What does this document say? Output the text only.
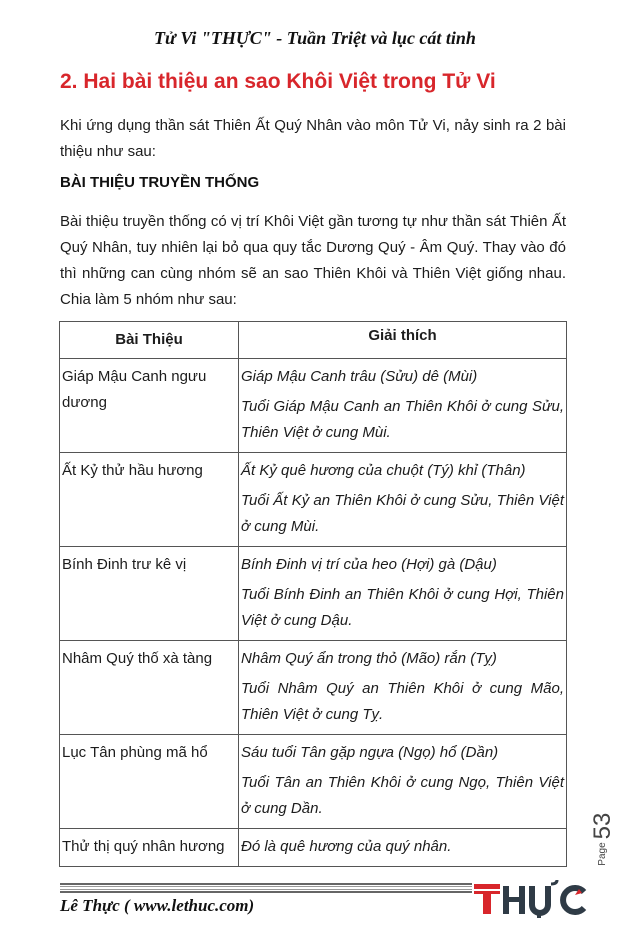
Tử Vi "THỰC" - Tuần Triệt và lục cát tinh
2. Hai bài thiệu an sao Khôi Việt trong Tử Vi

Khi ứng dụng thần sát Thiên Ất Quý Nhân vào môn Tử Vi, nảy sinh ra 2 bài thiệu như sau:

BÀI THIỆU TRUYỀN THỐNG

Bài thiệu truyền thống có vị trí Khôi Việt gần tương tự như thần sát Thiên Ất Quý Nhân, tuy nhiên lại bỏ qua quy tắc Dương Quý - Âm Quý. Thay vào đó thì những can cùng nhóm sẽ an sao Thiên Khôi và Thiên Việt giống nhau. Chia làm 5 nhóm như sau:

Bài Thiệu	Giải thích
Giáp Mậu Canh ngưu dương	Giáp Mậu Canh trâu (Sửu) dê (Mùi)
Tuổi Giáp Mậu Canh an Thiên Khôi ở cung Sửu, Thiên Việt ở cung Mùi.

Ất Kỷ thử hầu hương	Ất Kỷ quê hương của chuột (Tý) khỉ (Thân)
Tuổi Ất Kỷ an Thiên Khôi ở cung Sửu, Thiên Việt ở cung Mùi.

Bính Đinh trư kê vị	Bính Đinh vị trí của heo (Hợi) gà (Dậu)
Tuổi Bính Đinh an Thiên Khôi ở cung Hợi, Thiên Việt ở cung Dậu.

Nhâm Quý thố xà tàng	Nhâm Quý ẩn trong thỏ (Mão) rắn (Tỵ)
Tuổi Nhâm Quý an Thiên Khôi ở cung Mão, Thiên Việt ở cung Tỵ.

Lục Tân phùng mã hổ	Sáu tuổi Tân gặp ngựa (Ngọ) hổ (Dần)
Tuổi Tân an Thiên Khôi ở cung Ngọ, Thiên Việt ở cung Dần.

Thử thị quý nhân hương	Đó là quê hương của quý nhân.
53
Page
Lê Thực ( www.lethuc.com)
